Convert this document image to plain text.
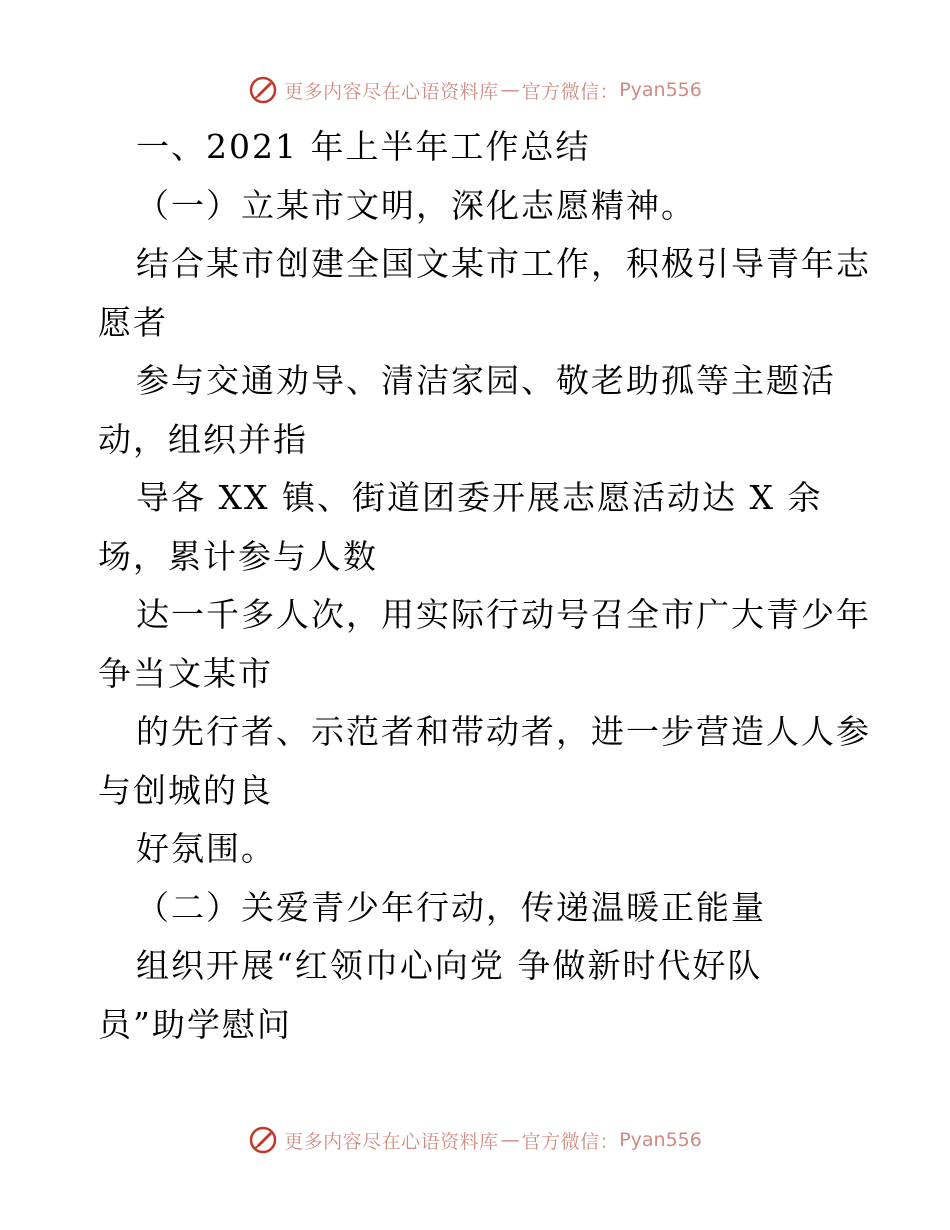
更多内容尽在心语资料库 — 官方微信： Pyan556

一、2021 年上半年工作总结

（一）立某市文明，深化志愿精神。

结合某市创建全国文某市工作，积极引导青年志

愿者

参与交通劝导、清洁家园、敬老助孤等主题活

动，组织并指

导各 XX 镇、街道团委开展志愿活动达 X 余

场，累计参与人数

达一千多人次，用实际行动号召全市广大青少年

争当文某市

的先行者、示范者和带动者，进一步营造人人参

与创城的良

好氛围。

（二）关爱青少年行动，传递温暖正能量

组织开展“红领巾心向党 争做新时代好队

员”助学慰问

更多内容尽在心语资料库 — 官方微信： Pyan556
